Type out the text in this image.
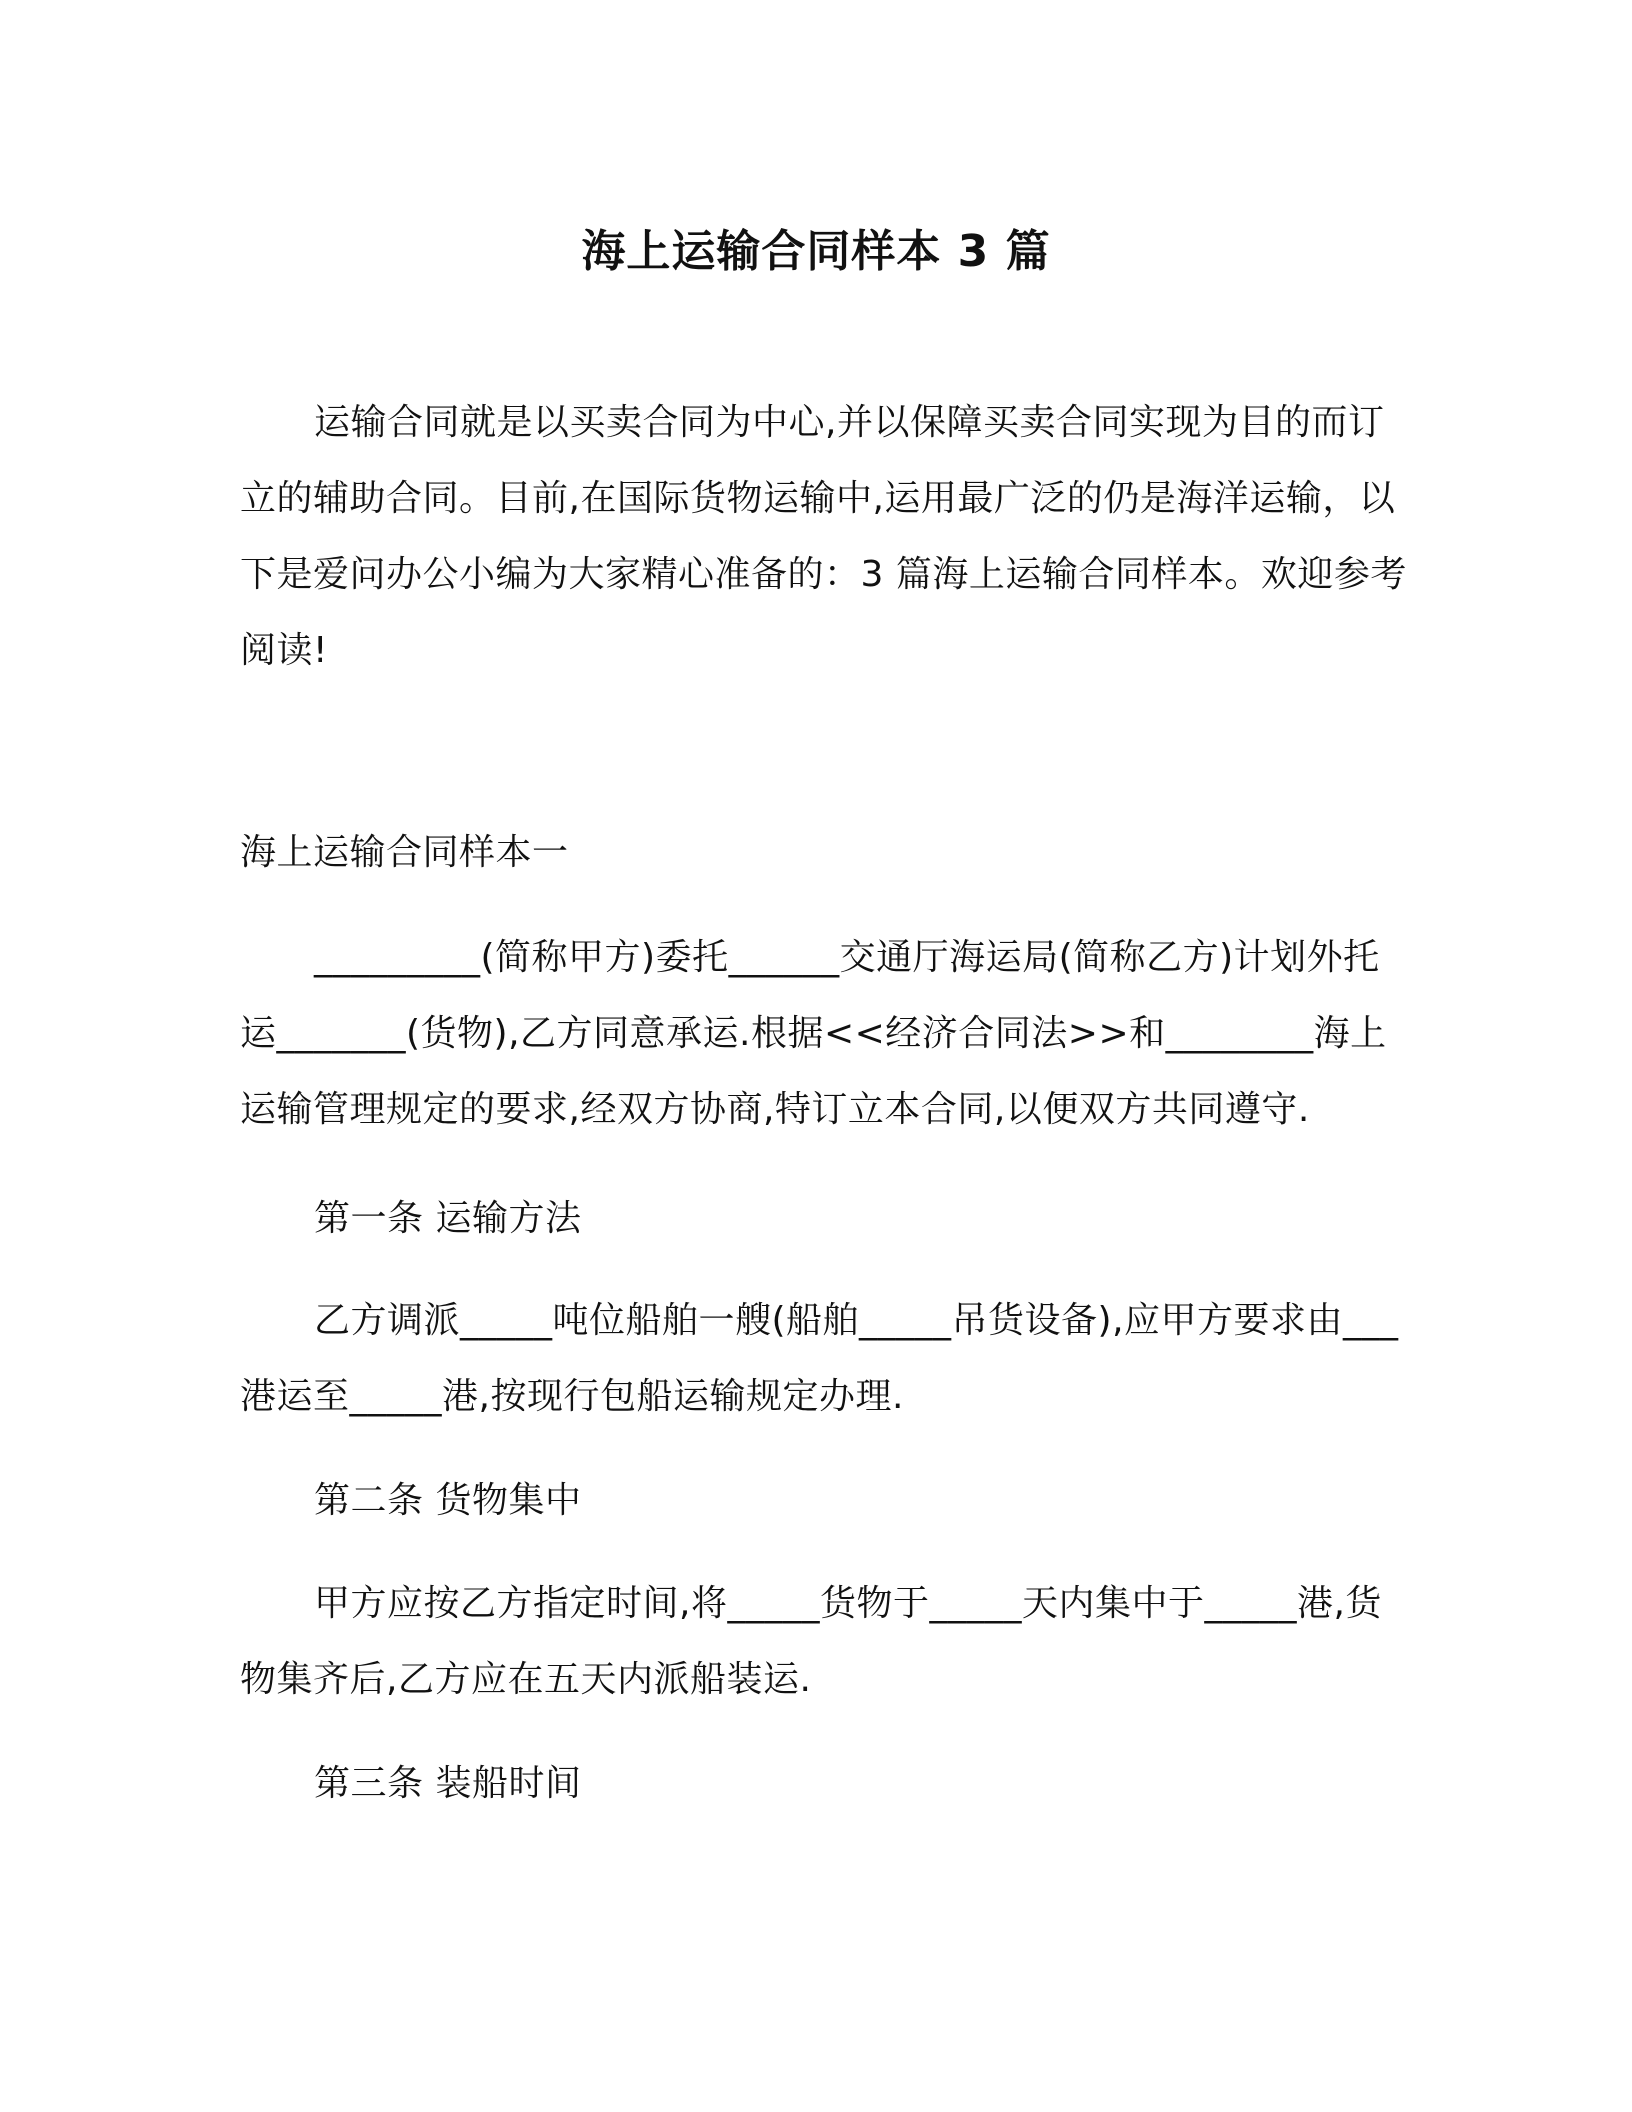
海上运输合同样本 3 篇

运输合同就是以买卖合同为中心,并以保障买卖合同实现为目的而订立的辅助合同。目前,在国际货物运输中,运用最广泛的仍是海洋运输，以下是爱问办公小编为大家精心准备的：3 篇海上运输合同样本。欢迎参考阅读!

海上运输合同样本一

_________(简称甲方)委托______交通厅海运局(简称乙方)计划外托运_______(货物),乙方同意承运.根据<<经济合同法>>和________海上运输管理规定的要求,经双方协商,特订立本合同,以便双方共同遵守.

第一条 运输方法

乙方调派_____吨位船舶一艘(船舶_____吊货设备),应甲方要求由___港运至_____港,按现行包船运输规定办理.

第二条 货物集中

甲方应按乙方指定时间,将_____货物于_____天内集中于_____港,货物集齐后,乙方应在五天内派船装运.

第三条 装船时间
